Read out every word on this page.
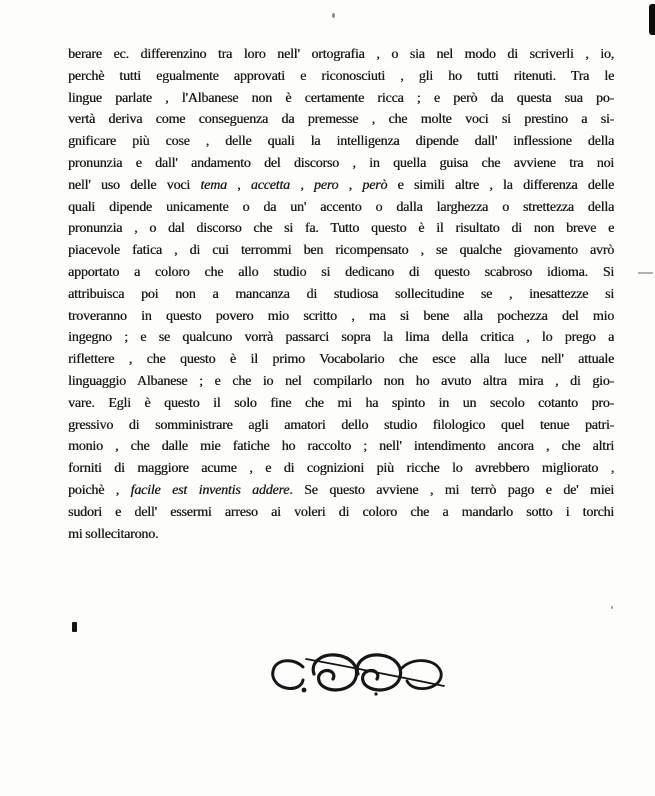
berare ec. differenzino tra loro nell' ortografia , o sia nel modo di scriverli , io,
perchè tutti egualmente approvati e riconosciuti , gli ho tutti ritenuti. Tra le
lingue parlate , l'Albanese non è certamente ricca ; e però da questa sua po-
vertà deriva come conseguenza da premesse , che molte voci si prestino a si-
gnificare più cose , delle quali la intelligenza dipende dall' inflessione della
pronunzia e dall' andamento del discorso , in quella guisa che avviene tra noi
nell' uso delle voci tema , accetta , pero , però e simili altre , la differenza delle
quali dipende unicamente o da un' accento o dalla larghezza o strettezza della
pronunzia , o dal discorso che si fa. Tutto questo è il risultato di non breve e
piacevole fatica , di cui terrommi ben ricompensato , se qualche giovamento avrò
apportato a coloro che allo studio si dedicano di questo scabroso idioma. Si
attribuisca poi non a mancanza di studiosa sollecitudine se , inesattezze si
troveranno in questo povero mio scritto , ma si bene alla pochezza del mio
ingegno ; e se qualcuno vorrà passarci sopra la lima della critica , lo prego a
riflettere , che questo è il primo Vocabolario che esce alla luce nell' attuale
linguaggio Albanese ; e che io nel compilarlo non ho avuto altra mira , di gio-
vare. Egli è questo il solo fine che mi ha spinto in un secolo cotanto pro-
gressivo di somministrare agli amatori dello studio filologico quel tenue patri-
monio , che dalle mie fatiche ho raccolto ; nell' intendimento ancora , che altri
forniti di maggiore acume , e di cognizioni più ricche lo avrebbero migliorato ,
poichè , facile est inventis addere. Se questo avviene , mi terrò pago e de' miei
sudori e dell' essermi arreso ai voleri di coloro che a mandarlo sotto i torchi
mi sollecitarono.
